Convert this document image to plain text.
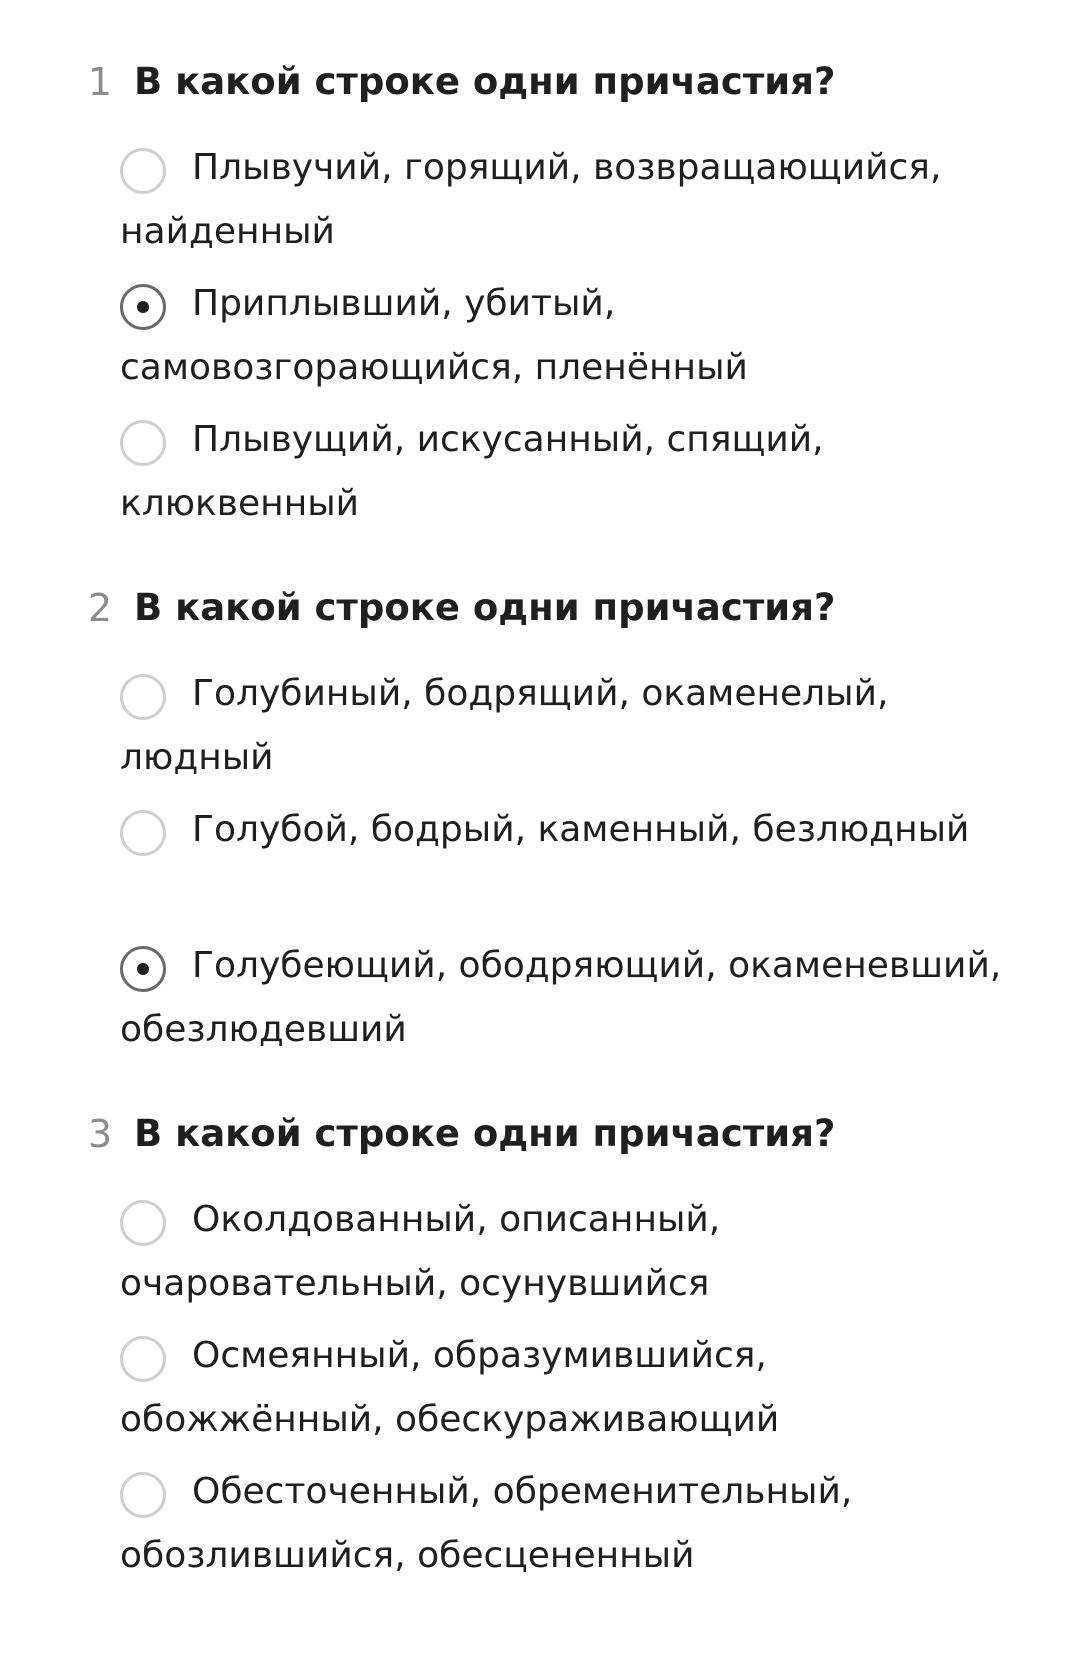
1 В какой строке одни причастия?
Плывучий, горящий, возвращающийся, найденный
Приплывший, убитый, самовозгорающийся, пленённый
Плывущий, искусанный, спящий, клюквенный
2 В какой строке одни причастия?
Голубиный, бодрящий, окаменелый, людный
Голубой, бодрый, каменный, безлюдный
Голубеющий, ободряющий, окаменевший, обезлюдевший
3 В какой строке одни причастия?
Околдованный, описанный, очаровательный, осунувшийся
Осмеянный, образумившийся, обожжённый, обескураживающий
Обесточенный, обременительный, обозлившийся, обесцененный
